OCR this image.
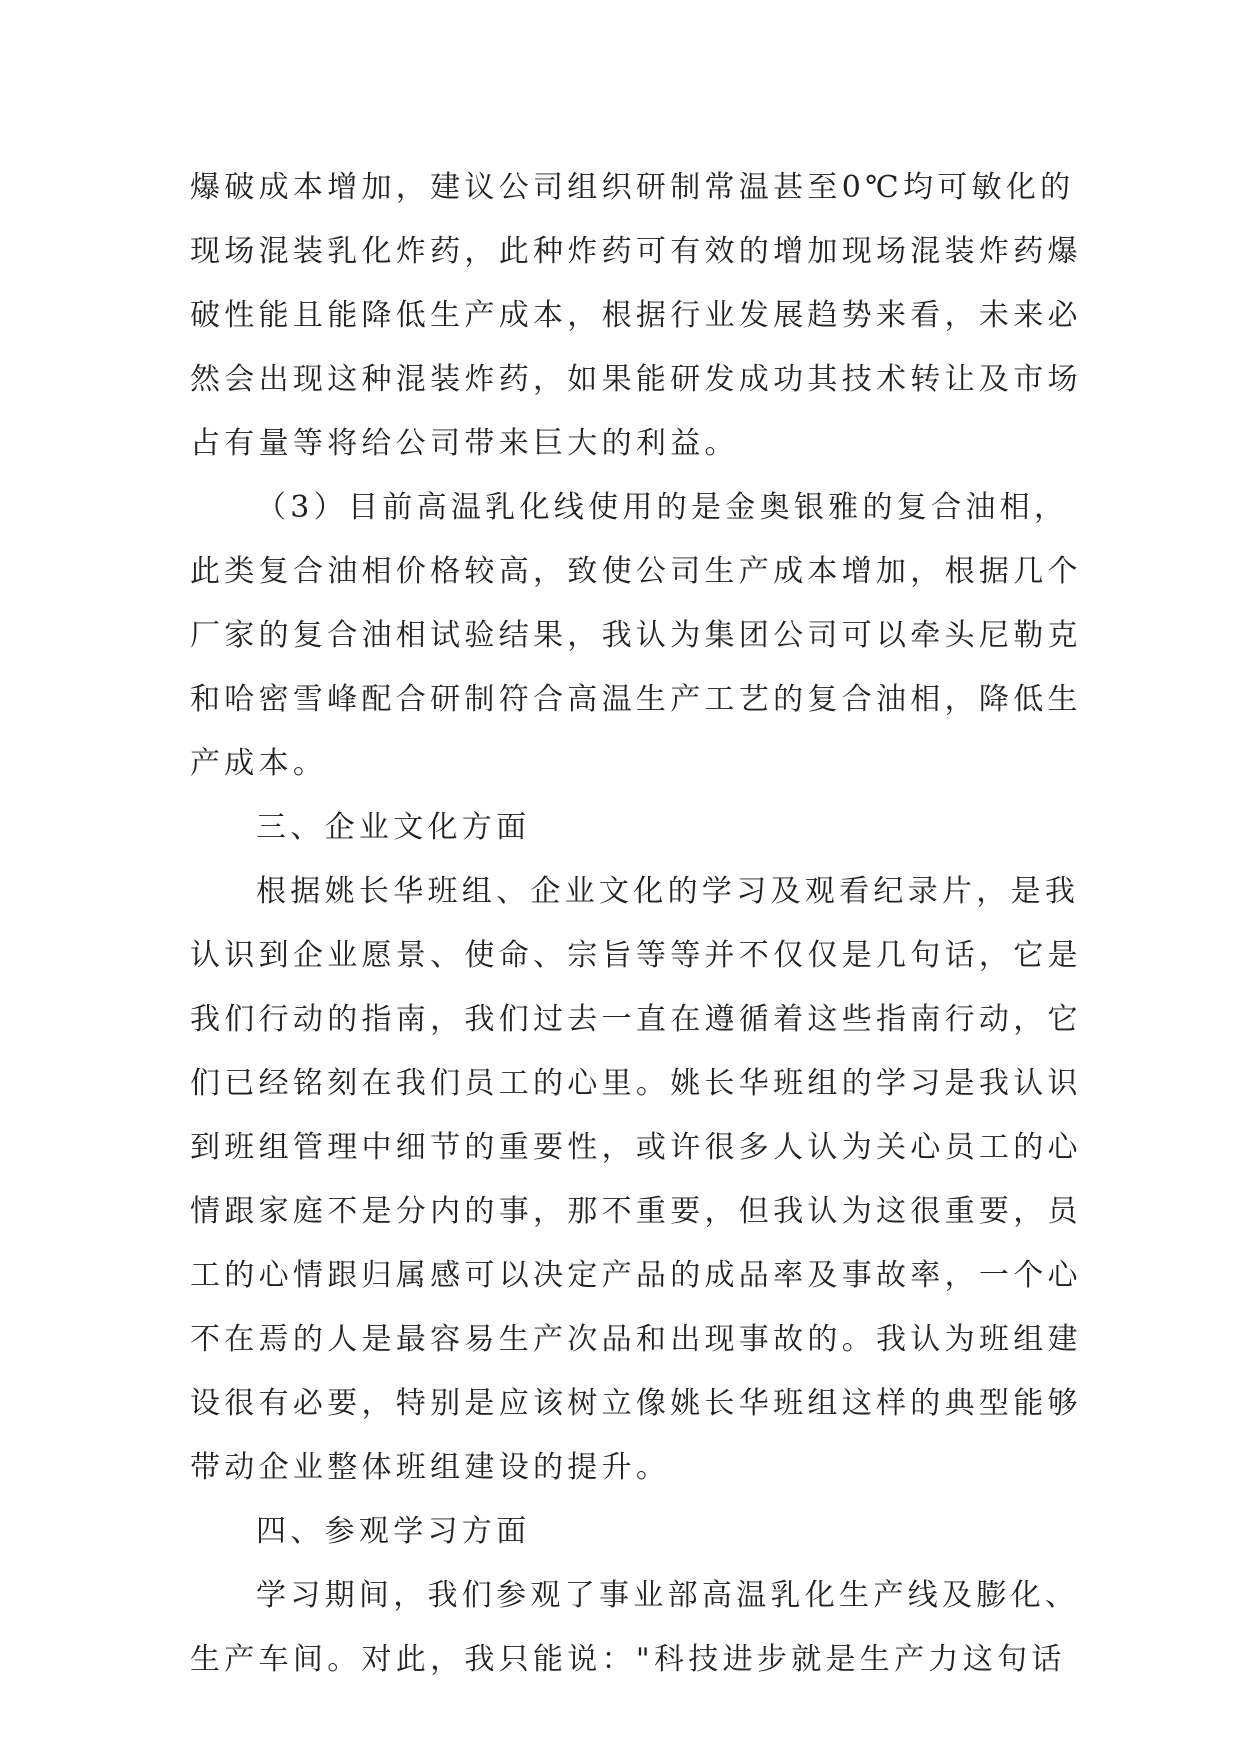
爆破成本增加，建议公司组织研制常温甚至0℃均可敏化的
现场混装乳化炸药，此种炸药可有效的增加现场混装炸药爆
破性能且能降低生产成本，根据行业发展趋势来看，未来必
然会出现这种混装炸药，如果能研发成功其技术转让及市场
占有量等将给公司带来巨大的利益。
（3）目前高温乳化线使用的是金奥银雅的复合油相，
此类复合油相价格较高，致使公司生产成本增加，根据几个
厂家的复合油相试验结果，我认为集团公司可以牵头尼勒克
和哈密雪峰配合研制符合高温生产工艺的复合油相，降低生
产成本。
三、企业文化方面
根据姚长华班组、企业文化的学习及观看纪录片，是我
认识到企业愿景、使命、宗旨等等并不仅仅是几句话，它是
我们行动的指南，我们过去一直在遵循着这些指南行动，它
们已经铭刻在我们员工的心里。姚长华班组的学习是我认识
到班组管理中细节的重要性，或许很多人认为关心员工的心
情跟家庭不是分内的事，那不重要，但我认为这很重要，员
工的心情跟归属感可以决定产品的成品率及事故率，一个心
不在焉的人是最容易生产次品和出现事故的。我认为班组建
设很有必要，特别是应该树立像姚长华班组这样的典型能够
带动企业整体班组建设的提升。
四、参观学习方面
学习期间，我们参观了事业部高温乳化生产线及膨化、
生产车间。对此，我只能说："科技进步就是生产力这句话
